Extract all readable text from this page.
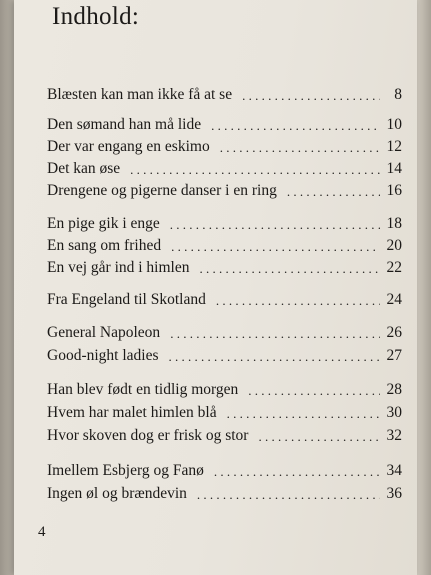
Indhold:
Blæsten kan man ikke få at se . . .	8
Den sømand han må lide . . .	10
Der var engang en eskimo . . .	12
Det kan øse . . .	14
Drengene og pigerne danser i en ring . . .	16
En pige gik i enge . . .	18
En sang om frihed . . .	20
En vej går ind i himlen . . .	22
Fra Engeland til Skotland . . .	24
General Napoleon . . .	26
Good-night ladies . . .	27
Han blev født en tidlig morgen . . .	28
Hvem har malet himlen blå . . .	30
Hvor skoven dog er frisk og stor . . .	32
Imellem Esbjerg og Fanø . . .	34
Ingen øl og brændevin . . .	36
4
